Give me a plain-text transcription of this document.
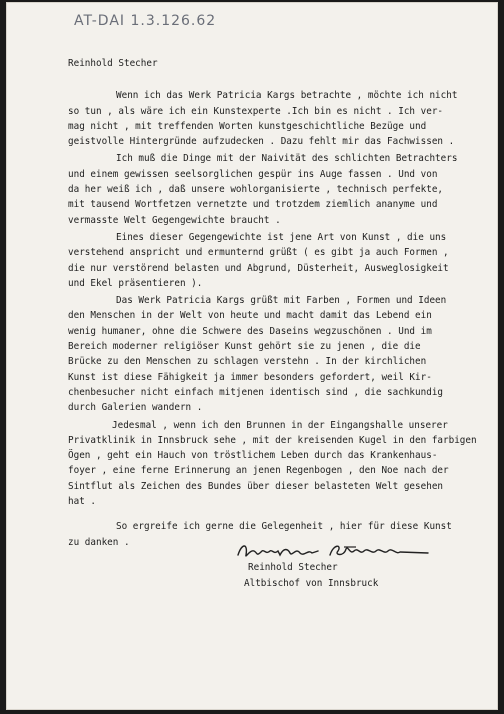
AT-DAI 1.3.126.62
Reinhold Stecher
Wenn ich das Werk Patricia Kargs betrachte , möchte ich nicht
so tun , als wäre ich ein Kunstexperte .Ich bin es nicht . Ich ver-
mag nicht , mit treffenden Worten kunstgeschichtliche Bezüge und
geistvolle Hintergründe aufzudecken . Dazu fehlt mir das Fachwissen .
Ich muß die Dinge mit der Naivität des schlichten Betrachters
und einem gewissen seelsorglichen gespür ins Auge fassen . Und von
da her weiß ich , daß unsere wohlorganisierte , technisch perfekte,
mit tausend Wortfetzen vernetzte und trotzdem ziemlich ananyme und
vermasste Welt Gegengewichte braucht .
Eines dieser Gegengewichte ist jene Art von Kunst , die uns
verstehend anspricht und ermunternd grüßt ( es gibt ja auch Formen ,
die nur verstörend belasten und Abgrund, Düsterheit, Ausweglosigkeit
und Ekel präsentieren ).
Das Werk Patricia Kargs grüßt mit Farben , Formen und Ideen
den Menschen in der Welt von heute und macht damit das Lebend ein
wenig humaner, ohne die Schwere des Daseins wegzuschönen . Und im
Bereich moderner religiöser Kunst gehört sie zu jenen , die die
Brücke zu den Menschen zu schlagen verstehn . In der kirchlichen
Kunst ist diese Fähigkeit ja immer besonders gefordert, weil Kir-
chenbesucher nicht einfach mitjenen identisch sind , die sachkundig
durch Galerien wandern .
Jedesmal , wenn ich den Brunnen in der Eingangshalle unserer
Privatklinik in Innsbruck sehe , mit der kreisenden Kugel in den farbigen
Ögen , geht ein Hauch von tröstlichem Leben durch das Krankenhaus-
foyer , eine ferne Erinnerung an jenen Regenbogen , den Noe nach der
Sintflut als Zeichen des Bundes über dieser belasteten Welt gesehen
hat .
So ergreife ich gerne die Gelegenheit , hier für diese Kunst
zu danken .
Reinhold Stecher
Altbischof von Innsbruck
